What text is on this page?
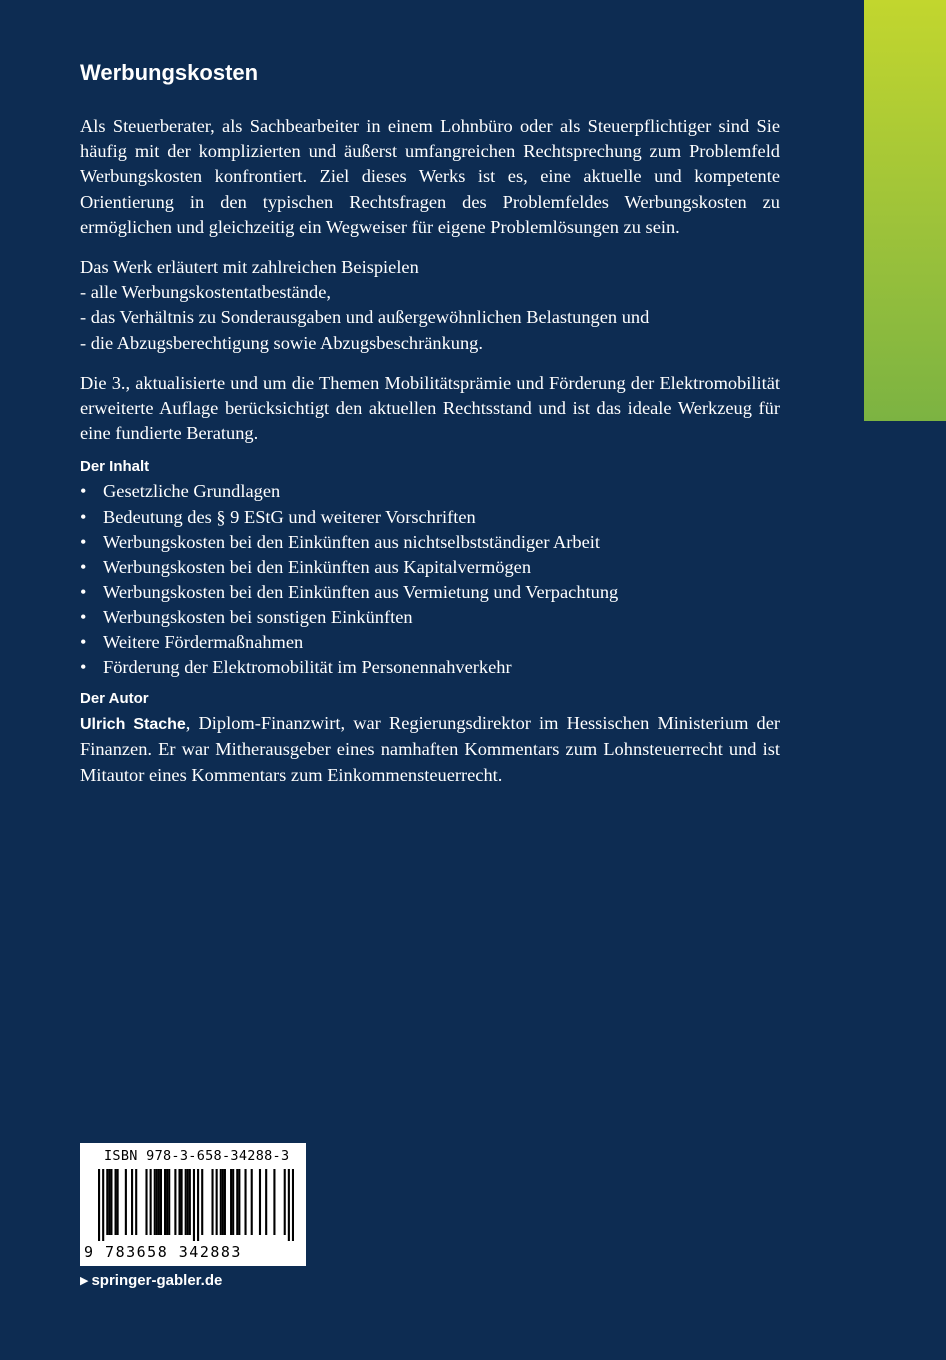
Werbungskosten

Als Steuerberater, als Sachbearbeiter in einem Lohnbüro oder als Steuerpflichtiger sind Sie häufig mit der komplizierten und äußerst umfangreichen Rechtsprechung zum Problemfeld Werbungskosten konfrontiert. Ziel dieses Werks ist es, eine aktuelle und kompetente Orientierung in den typischen Rechtsfragen des Problemfeldes Werbungskosten zu ermöglichen und gleichzeitig ein Wegweiser für eigene Problemlösungen zu sein.

Das Werk erläutert mit zahlreichen Beispielen
- alle Werbungskostentatbestände,
- das Verhältnis zu Sonderausgaben und außergewöhnlichen Belastungen und
- die Abzugsberechtigung sowie Abzugsbeschränkung.

Die 3., aktualisierte und um die Themen Mobilitätsprämie und Förderung der Elektromobilität erweiterte Auflage berücksichtigt den aktuellen Rechtsstand und ist das ideale Werkzeug für eine fundierte Beratung.

Der Inhalt
• Gesetzliche Grundlagen
• Bedeutung des § 9 EStG und weiterer Vorschriften
• Werbungskosten bei den Einkünften aus nichtselbstständiger Arbeit
• Werbungskosten bei den Einkünften aus Kapitalvermögen
• Werbungskosten bei den Einkünften aus Vermietung und Verpachtung
• Werbungskosten bei sonstigen Einkünften
• Weitere Fördermaßnahmen
• Förderung der Elektromobilität im Personennahverkehr
Der Autor

Ulrich Stache, Diplom-Finanzwirt, war Regierungsdirektor im Hessischen Ministerium der Finanzen. Er war Mitherausgeber eines namhaften Kommentars zum Lohnsteuerrecht und ist Mitautor eines Kommentars zum Einkommensteuerrecht.

ISBN 978-3-658-34288-3
9 783658 342883
▶ springer-gabler.de
